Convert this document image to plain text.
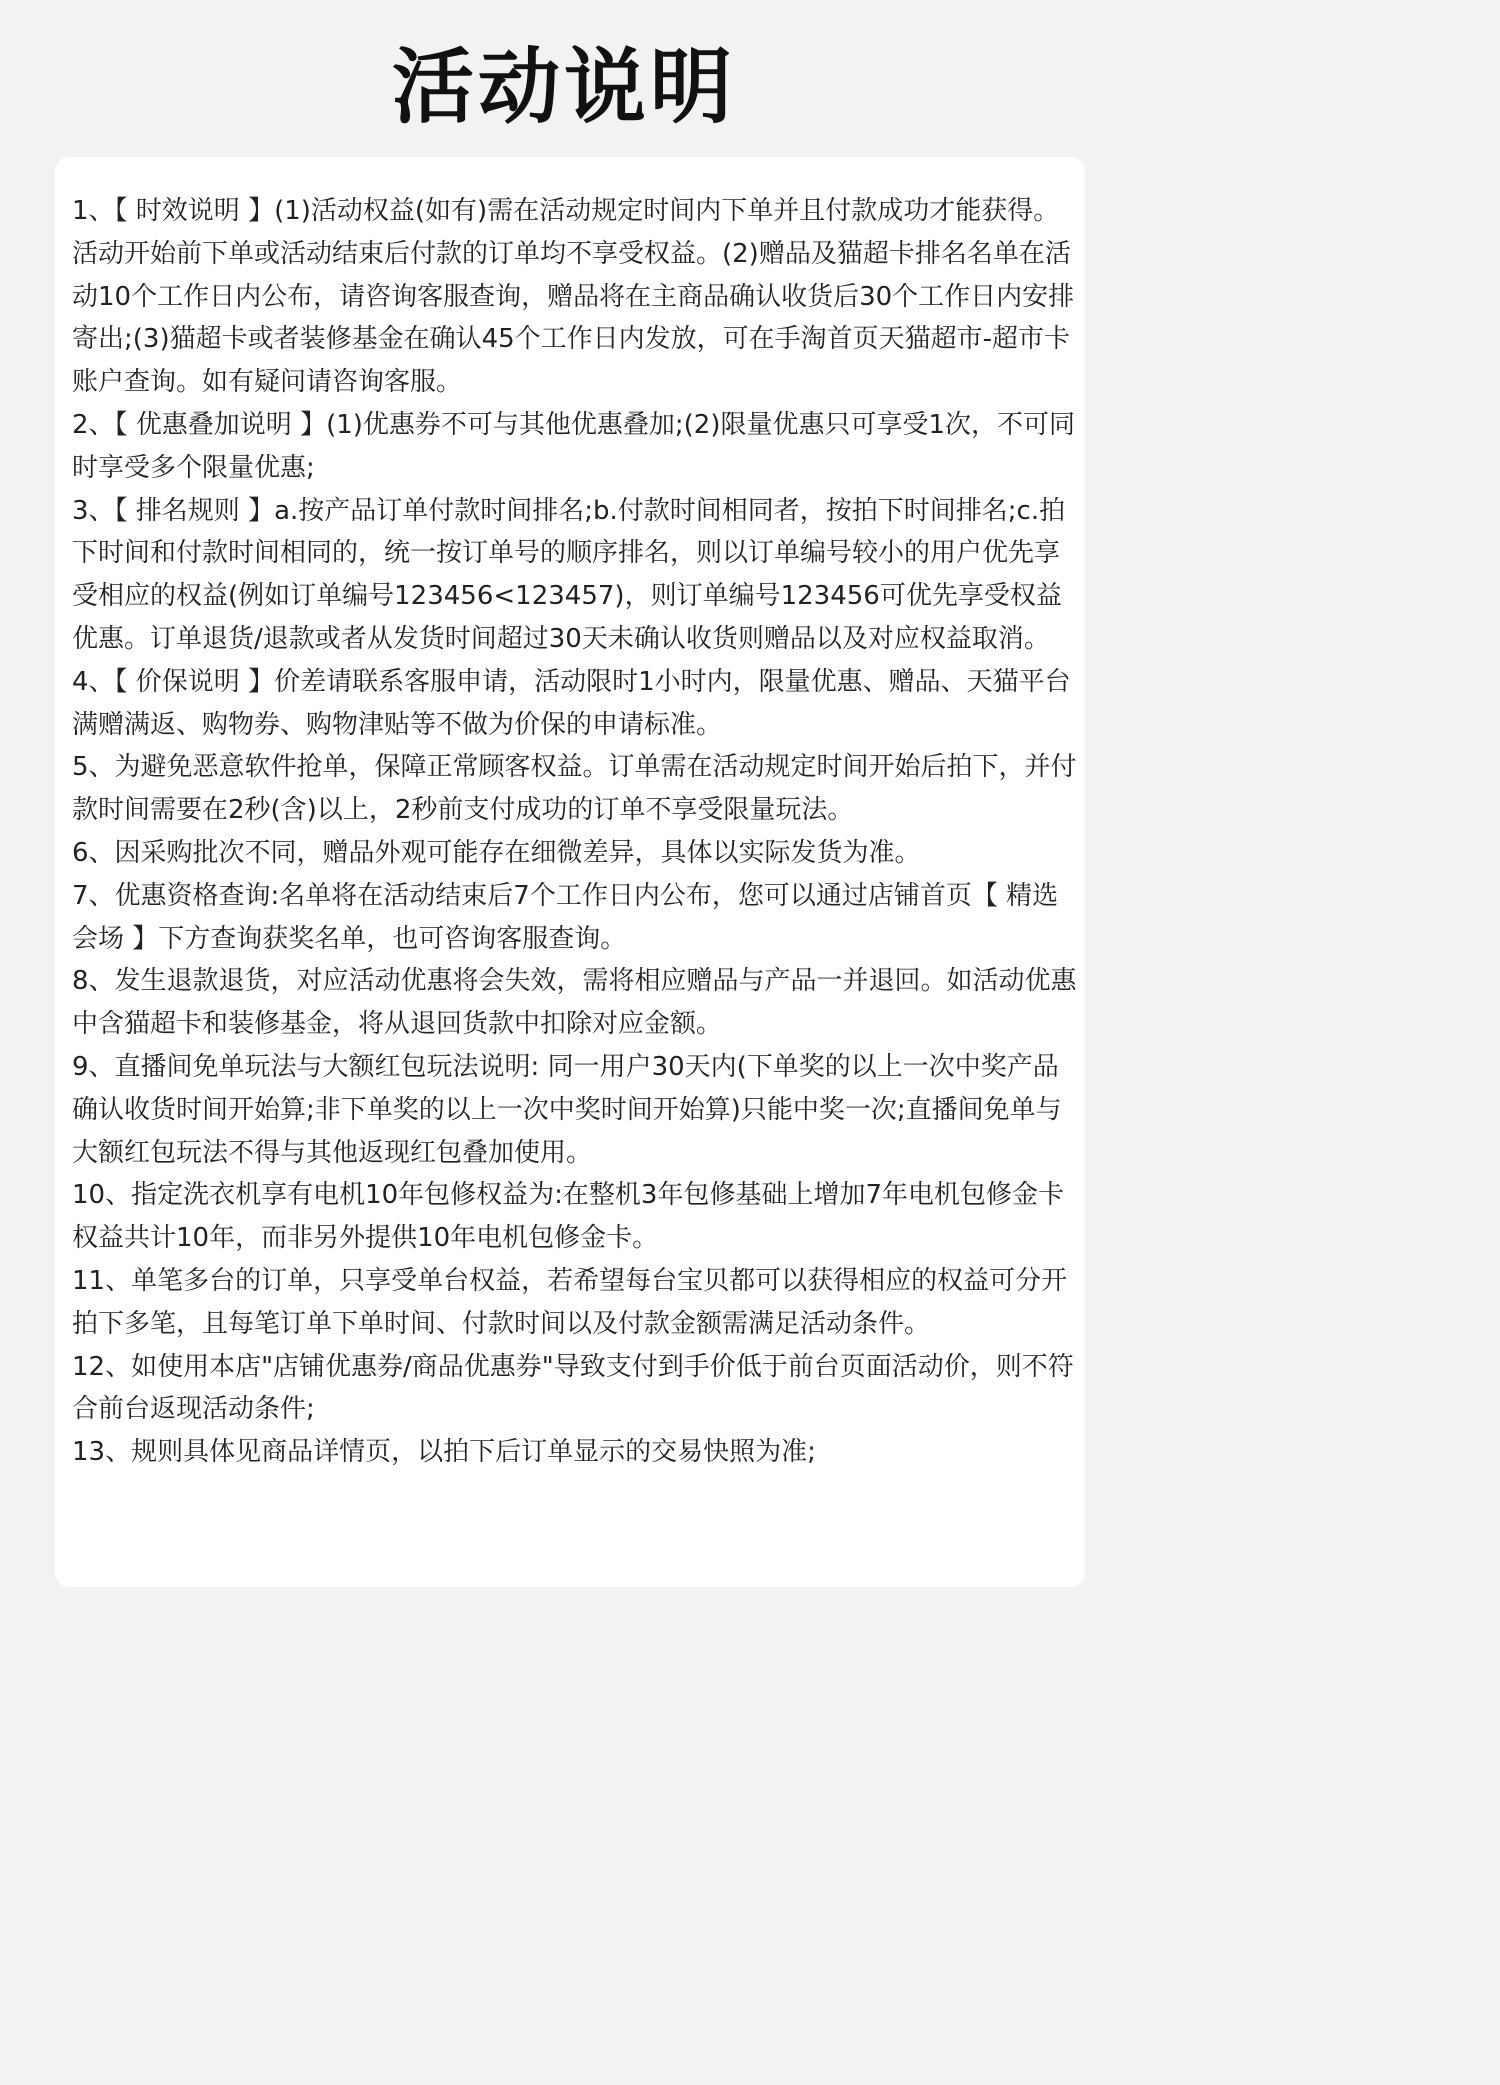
活动说明

1、【 时效说明 】(1)活动权益(如有)需在活动规定时间内下单并且付款成功才能获得。活动开始前下单或活动结束后付款的订单均不享受权益。(2)赠品及猫超卡排名名单在活动10个工作日内公布，请咨询客服查询，赠品将在主商品确认收货后30个工作日内安排寄出;(3)猫超卡或者装修基金在确认45个工作日内发放，可在手淘首页天猫超市-超市卡账户查询。如有疑问请咨询客服。

2、【 优惠叠加说明 】(1)优惠券不可与其他优惠叠加;(2)限量优惠只可享受1次，不可同时享受多个限量优惠;

3、【 排名规则 】a.按产品订单付款时间排名;b.付款时间相同者，按拍下时间排名;c.拍下时间和付款时间相同的，统一按订单号的顺序排名，则以订单编号较小的用户优先享受相应的权益(例如订单编号123456<123457)，则订单编号123456可优先享受权益优惠。订单退货/退款或者从发货时间超过30天未确认收货则赠品以及对应权益取消。

4、【 价保说明 】价差请联系客服申请，活动限时1小时内，限量优惠、赠品、天猫平台满赠满返、购物券、购物津贴等不做为价保的申请标准。

5、为避免恶意软件抢单，保障正常顾客权益。订单需在活动规定时间开始后拍下，并付款时间需要在2秒(含)以上，2秒前支付成功的订单不享受限量玩法。

6、因采购批次不同，赠品外观可能存在细微差异，具体以实际发货为准。

7、优惠资格查询:名单将在活动结束后7个工作日内公布，您可以通过店铺首页【 精选会场 】下方查询获奖名单，也可咨询客服查询。

8、发生退款退货，对应活动优惠将会失效，需将相应赠品与产品一并退回。如活动优惠中含猫超卡和装修基金，将从退回货款中扣除对应金额。

9、直播间免单玩法与大额红包玩法说明: 同一用户30天内(下单奖的以上一次中奖产品确认收货时间开始算;非下单奖的以上一次中奖时间开始算)只能中奖一次;直播间免单与大额红包玩法不得与其他返现红包叠加使用。

10、指定洗衣机享有电机10年包修权益为:在整机3年包修基础上增加7年电机包修金卡权益共计10年，而非另外提供10年电机包修金卡。

11、单笔多台的订单，只享受单台权益，若希望每台宝贝都可以获得相应的权益可分开拍下多笔，且每笔订单下单时间、付款时间以及付款金额需满足活动条件。

12、如使用本店"店铺优惠券/商品优惠券"导致支付到手价低于前台页面活动价，则不符合前台返现活动条件;

13、规则具体见商品详情页，以拍下后订单显示的交易快照为准;
